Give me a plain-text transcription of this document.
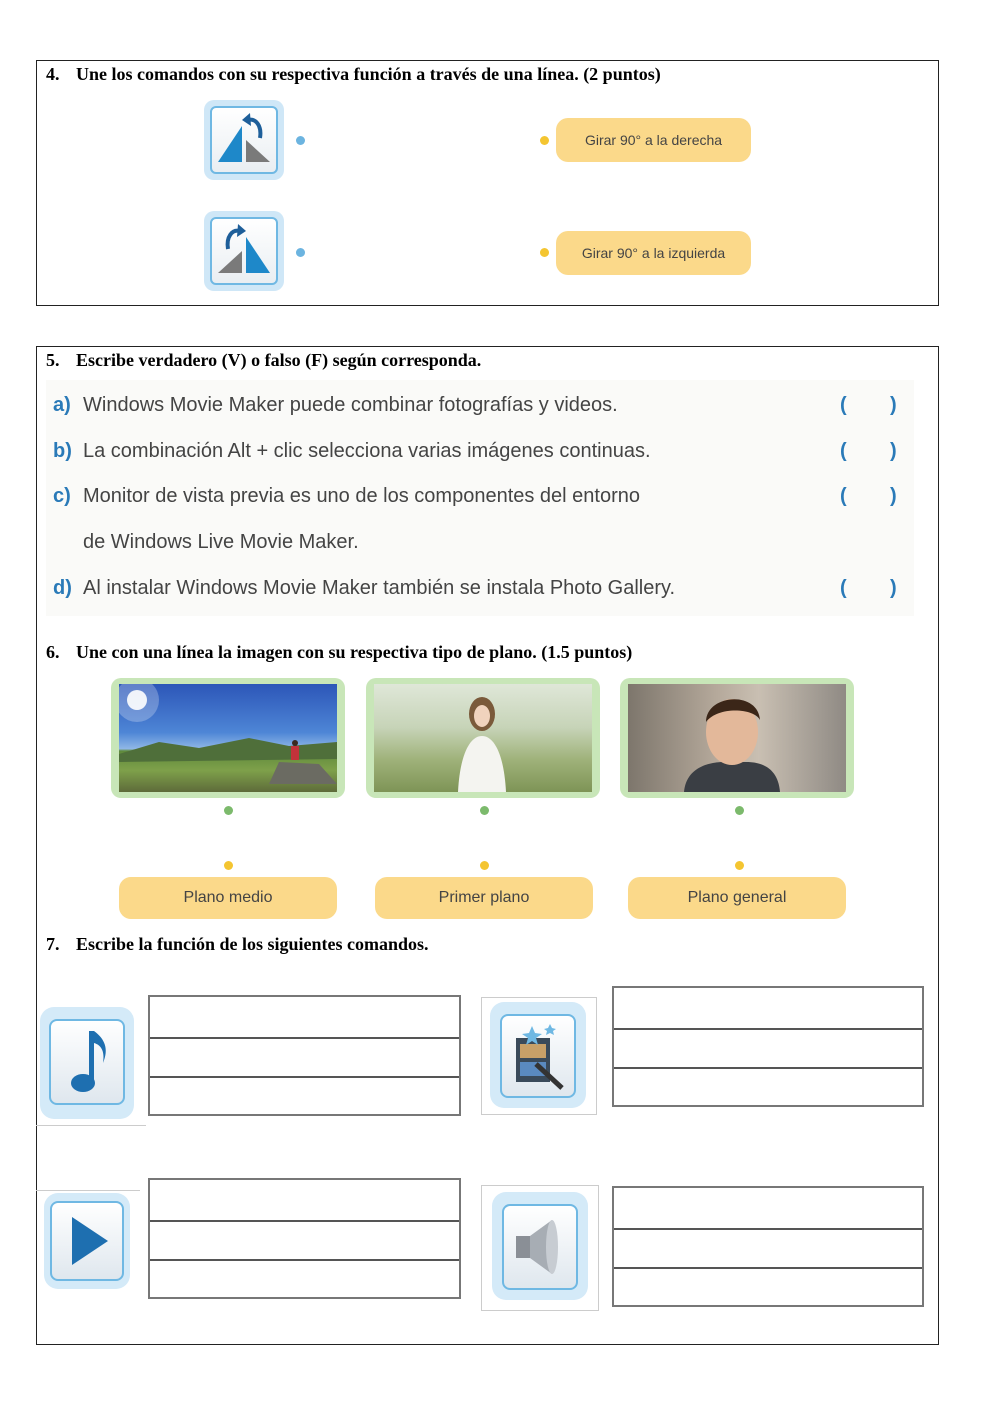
4. Une los comandos con su respectiva función a través de una línea. (2 puntos)
Girar 90° a la derecha
Girar 90° a la izquierda
5. Escribe verdadero (V) o falso (F) según corresponda.
a) Windows Movie Maker puede combinar fotografías y videos.
b) La combinación Alt + clic selecciona varias imágenes continuas.
c) Monitor de vista previa es uno de los componentes del entorno
de Windows Live Movie Maker.
d) Al instalar Windows Movie Maker también se instala Photo Gallery.
( )
( )
( )
( )
6. Une con una línea la imagen con su respectiva tipo de plano. (1.5 puntos)
Plano medio	Primer plano	Plano general
7. Escribe la función de los siguientes comandos.
